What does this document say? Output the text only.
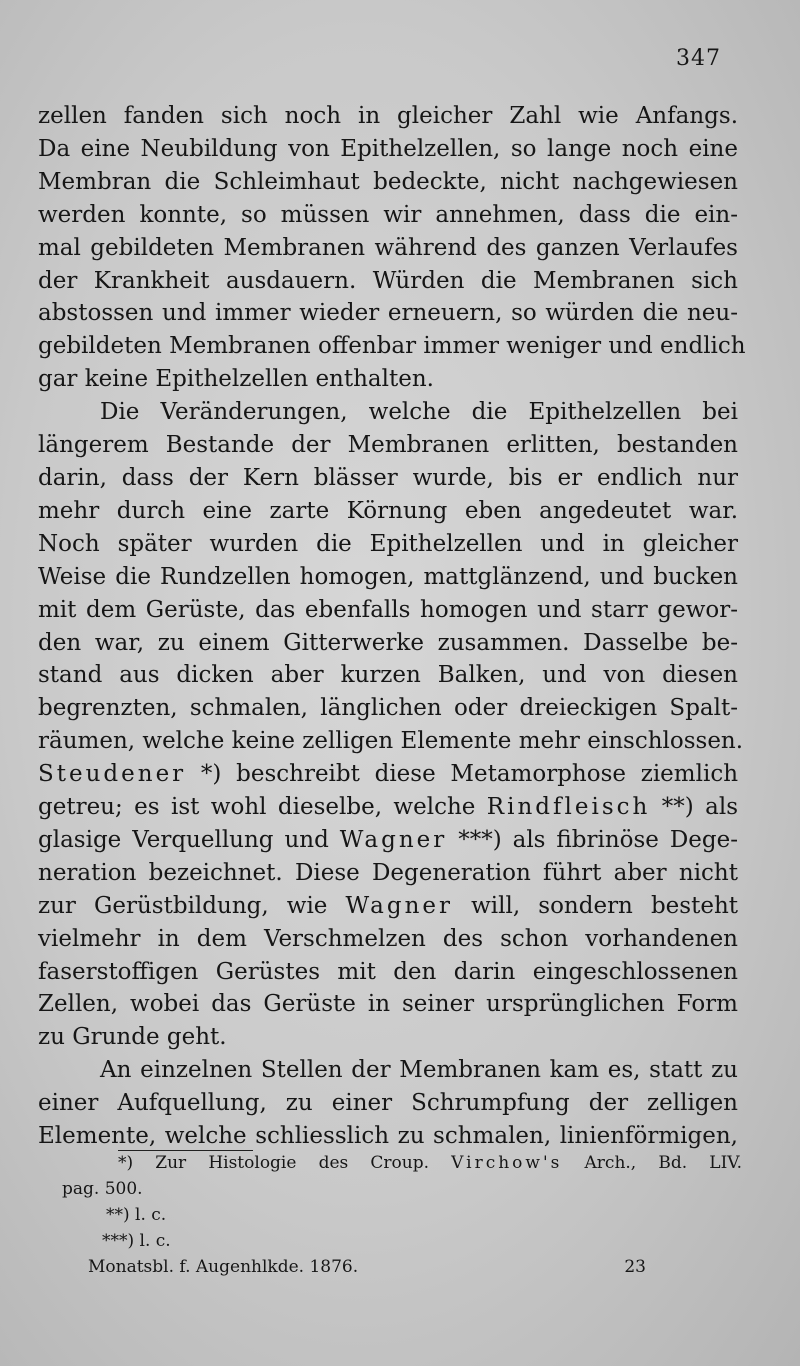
347
zellen fanden sich noch in gleicher Zahl wie Anfangs.
Da eine Neubildung von Epithelzellen, so lange noch eine
Membran die Schleimhaut bedeckte, nicht nachgewiesen
werden konnte, so müssen wir annehmen, dass die ein-
mal gebildeten Membranen während des ganzen Verlaufes
der Krankheit ausdauern. Würden die Membranen sich
abstossen und immer wieder erneuern, so würden die neu-
gebildeten Membranen offenbar immer weniger und endlich
gar keine Epithelzellen enthalten.
Die Veränderungen, welche die Epithelzellen bei
längerem Bestande der Membranen erlitten, bestanden
darin, dass der Kern blässer wurde, bis er endlich nur
mehr durch eine zarte Körnung eben angedeutet war.
Noch später wurden die Epithelzellen und in gleicher
Weise die Rundzellen homogen, mattglänzend, und bucken
mit dem Gerüste, das ebenfalls homogen und starr gewor-
den war, zu einem Gitterwerke zusammen. Dasselbe be-
stand aus dicken aber kurzen Balken, und von diesen
begrenzten, schmalen, länglichen oder dreieckigen Spalt-
räumen, welche keine zelligen Elemente mehr einschlossen.
Steudener *) beschreibt diese Metamorphose ziemlich
getreu; es ist wohl dieselbe, welche Rindfleisch **) als
glasige Verquellung und Wagner ***) als fibrinöse Dege-
neration bezeichnet. Diese Degeneration führt aber nicht
zur Gerüstbildung, wie Wagner will, sondern besteht
vielmehr in dem Verschmelzen des schon vorhandenen
faserstoffigen Gerüstes mit den darin eingeschlossenen
Zellen, wobei das Gerüste in seiner ursprünglichen Form
zu Grunde geht.
An einzelnen Stellen der Membranen kam es, statt zu
einer Aufquellung, zu einer Schrumpfung der zelligen
Elemente, welche schliesslich zu schmalen, linienförmigen,
*) Zur Histologie des Croup. Virchow's Arch., Bd. LIV.
pag. 500.
**) l. c.
***) l. c.
Monatsbl. f. Augenhlkde. 1876.	23
